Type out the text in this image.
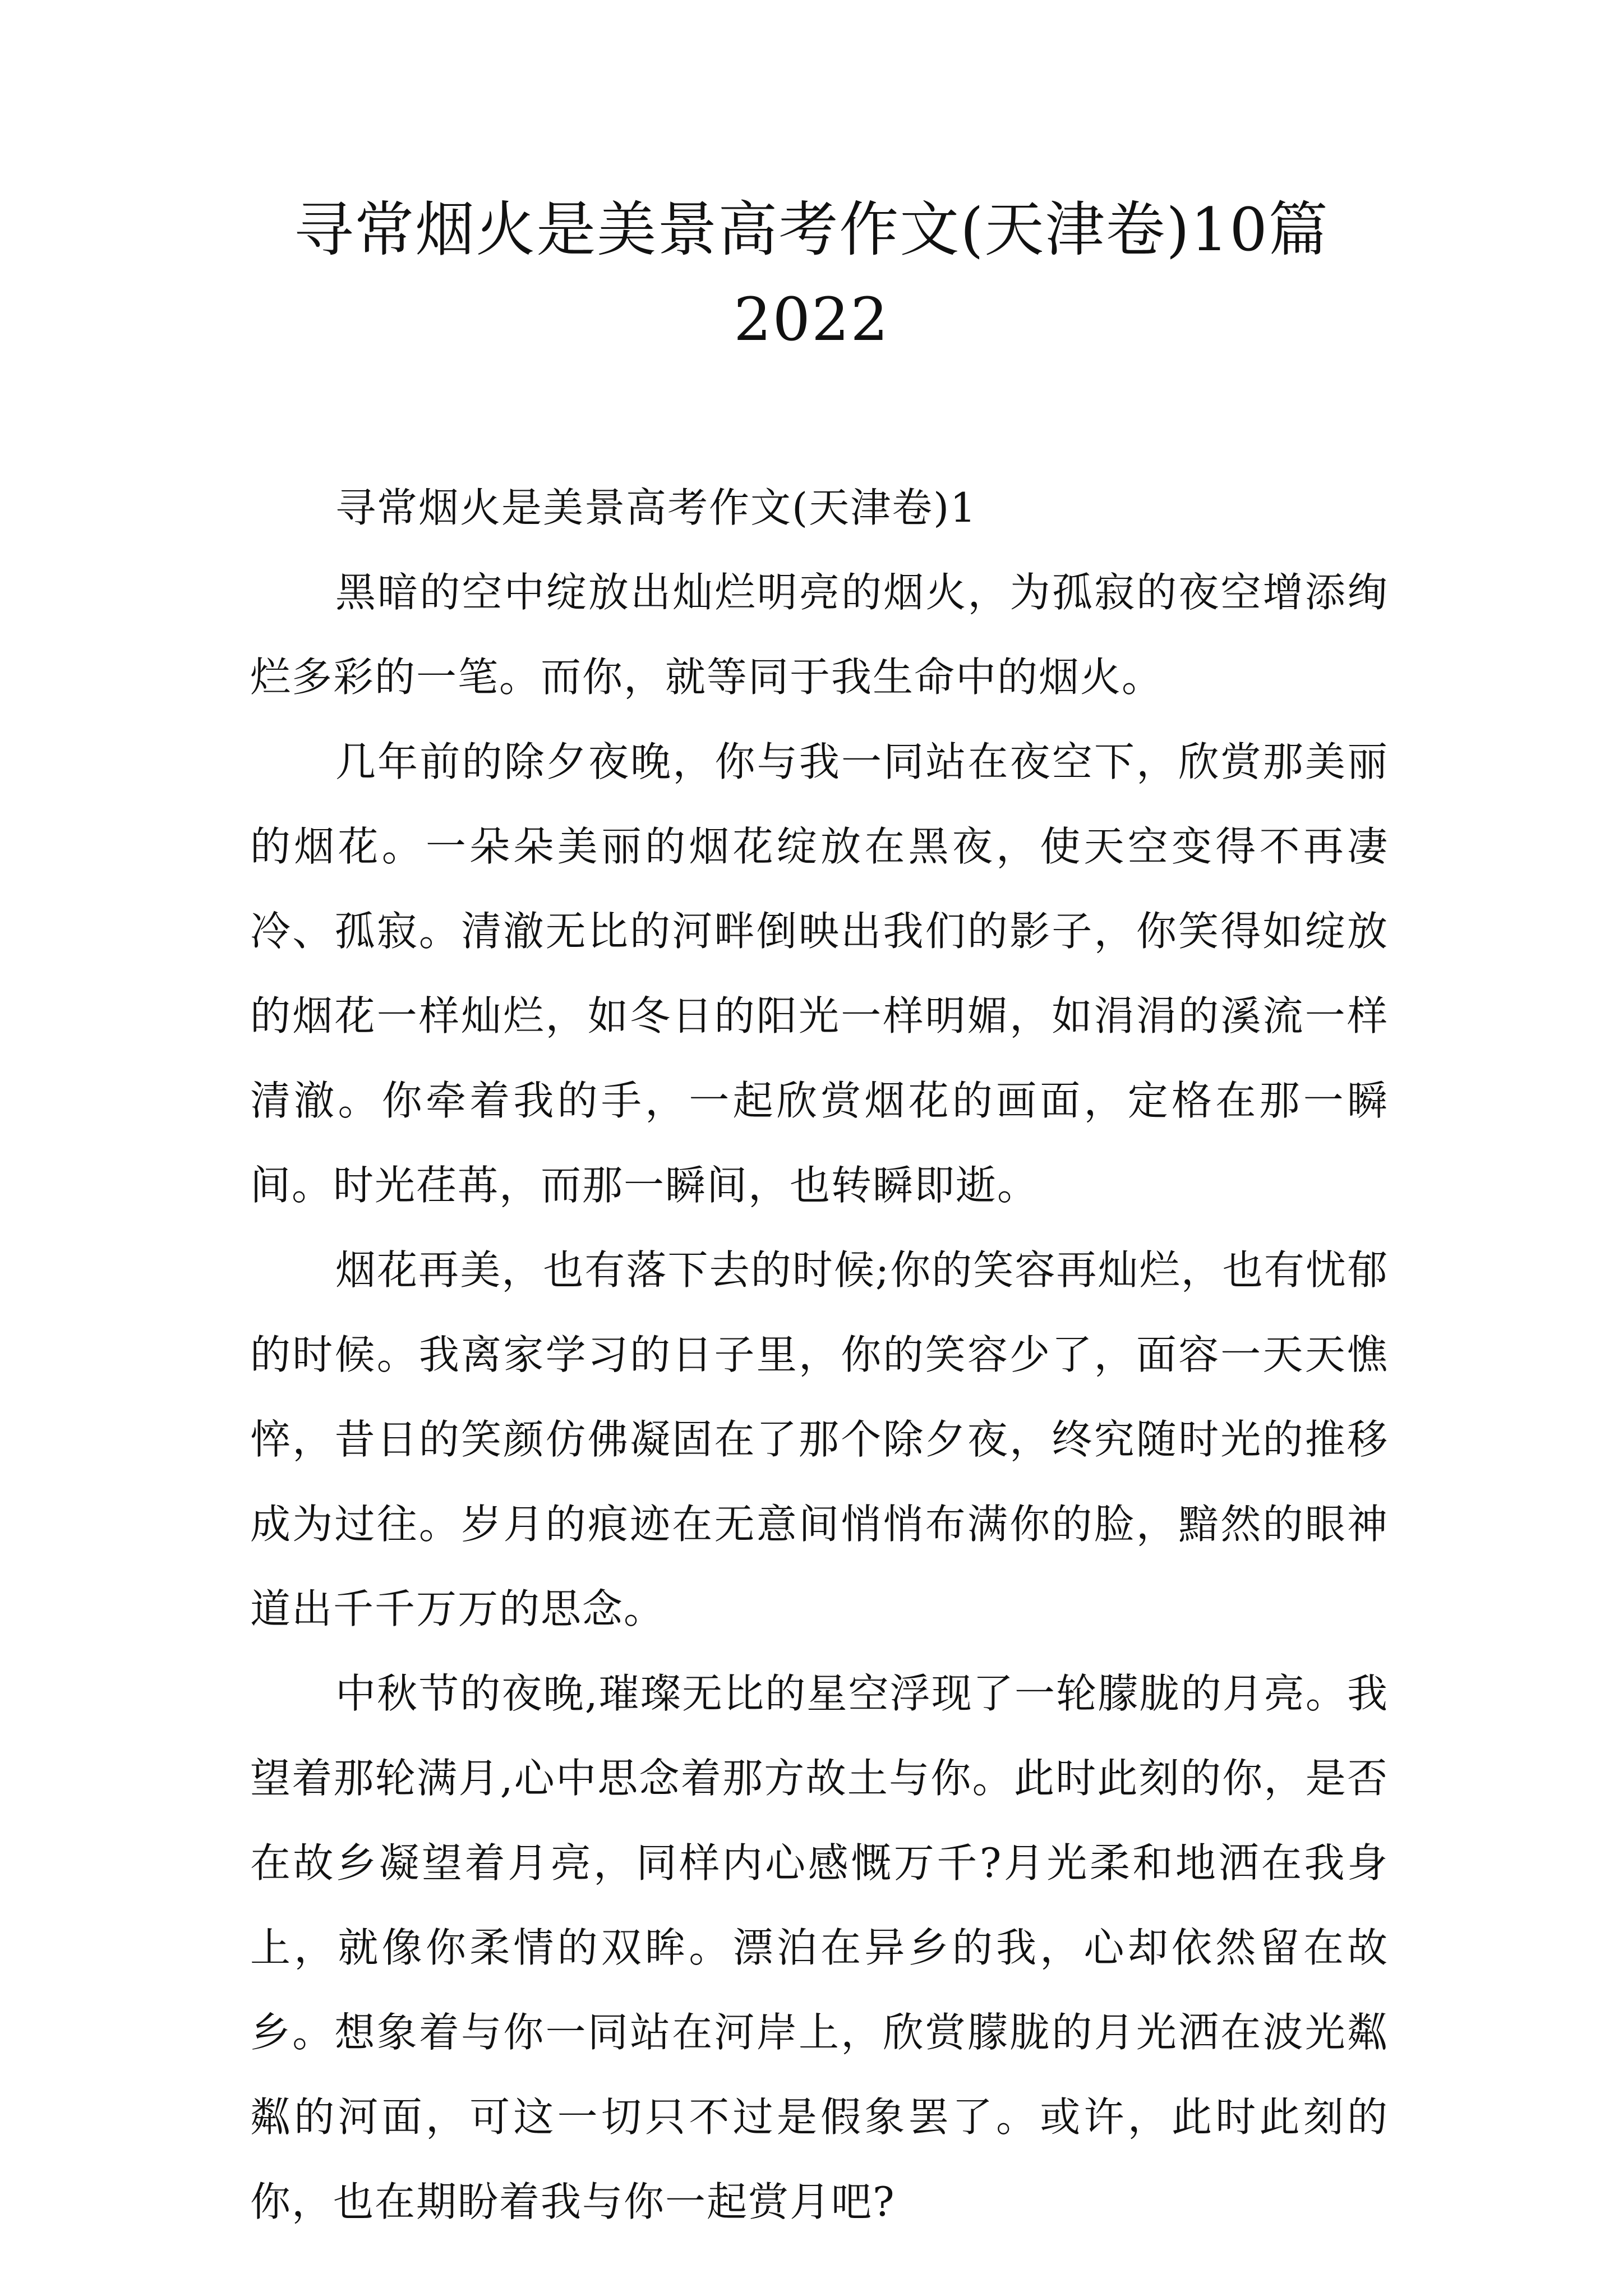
寻常烟火是美景高考作文(天津卷)10篇
2022

寻常烟火是美景高考作文(天津卷)1

黑暗的空中绽放出灿烂明亮的烟火，为孤寂的夜空增添绚烂多彩的一笔。而你，就等同于我生命中的烟火。

几年前的除夕夜晚，你与我一同站在夜空下，欣赏那美丽的烟花。一朵朵美丽的烟花绽放在黑夜，使天空变得不再凄冷、孤寂。清澈无比的河畔倒映出我们的影子，你笑得如绽放的烟花一样灿烂，如冬日的阳光一样明媚，如涓涓的溪流一样清澈。你牵着我的手，一起欣赏烟花的画面，定格在那一瞬间。时光荏苒，而那一瞬间，也转瞬即逝。

烟花再美，也有落下去的时候;你的笑容再灿烂，也有忧郁的时候。我离家学习的日子里，你的笑容少了，面容一天天憔悴，昔日的笑颜仿佛凝固在了那个除夕夜，终究随时光的推移成为过往。岁月的痕迹在无意间悄悄布满你的脸，黯然的眼神道出千千万万的思念。

中秋节的夜晚,璀璨无比的星空浮现了一轮朦胧的月亮。我望着那轮满月,心中思念着那方故土与你。此时此刻的你，是否在故乡凝望着月亮，同样内心感慨万千?月光柔和地洒在我身上，就像你柔情的双眸。漂泊在异乡的我，心却依然留在故乡。想象着与你一同站在河岸上，欣赏朦胧的月光洒在波光粼粼的河面，可这一切只不过是假象罢了。或许，此时此刻的你，也在期盼着我与你一起赏月吧?
